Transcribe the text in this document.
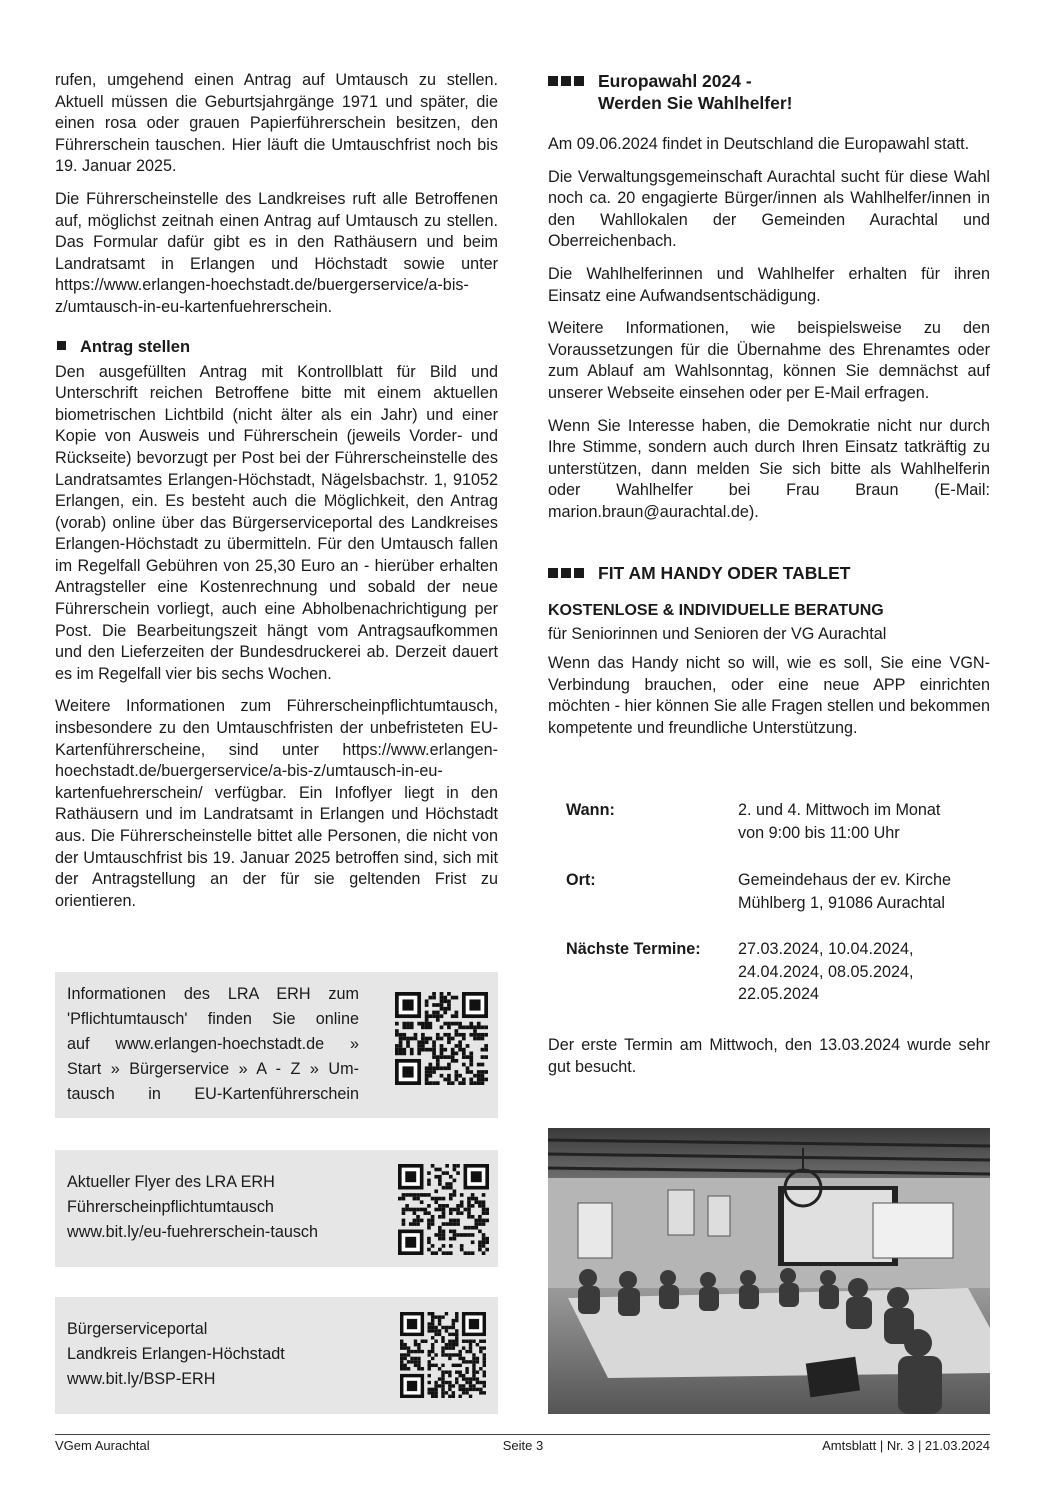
rufen, umgehend einen Antrag auf Umtausch zu stellen. Aktuell müssen die Geburtsjahrgänge 1971 und später, die einen rosa oder grauen Papierführerschein besitzen, den Führerschein tauschen. Hier läuft die Umtauschfrist noch bis 19. Januar 2025.

Die Führerscheinstelle des Landkreises ruft alle Betroffenen auf, möglichst zeitnah einen Antrag auf Umtausch zu stellen. Das Formular dafür gibt es in den Rathäusern und beim Landratsamt in Erlangen und Höchstadt sowie unter https://www.erlangen-hoechstadt.de/buergerservice/a-bis-z/umtausch-in-eu-kartenfuehrerschein.

Antrag stellen

Den ausgefüllten Antrag mit Kontrollblatt für Bild und Unterschrift reichen Betroffene bitte mit einem aktuellen biometrischen Lichtbild (nicht älter als ein Jahr) und einer Kopie von Ausweis und Führerschein (jeweils Vorder- und Rückseite) bevorzugt per Post bei der Führerscheinstelle des Landratsamtes Erlangen-Höchstadt, Nägelsbachstr. 1, 91052 Erlangen, ein. Es besteht auch die Möglichkeit, den Antrag (vorab) online über das Bürgerserviceportal des Landkreises Erlangen-Höchstadt zu übermitteln. Für den Umtausch fallen im Regelfall Gebühren von 25,30 Euro an - hierüber erhalten Antragsteller eine Kostenrechnung und sobald der neue Führerschein vorliegt, auch eine Abholbenachrichtigung per Post. Die Bearbeitungszeit hängt vom Antragsaufkommen und den Lieferzeiten der Bundesdruckerei ab. Derzeit dauert es im Regelfall vier bis sechs Wochen.

Weitere Informationen zum Führerscheinpflichtumtausch, insbesondere zu den Umtauschfristen der unbefristeten EU-Kartenführerscheine, sind unter https://www.erlangen-hoechstadt.de/buergerservice/a-bis-z/umtausch-in-eu-kartenfuehrerschein/ verfügbar. Ein Infoflyer liegt in den Rathäusern und im Landratsamt in Erlangen und Höchstadt aus. Die Führerscheinstelle bittet alle Personen, die nicht von der Umtauschfrist bis 19. Januar 2025 betroffen sind, sich mit der Antragstellung an der für sie geltenden Frist zu orientieren.

Informationen des LRA ERH zum
'Pflichtumtausch' finden Sie online
auf www.erlangen-hoechstadt.de »
Start » Bürgerservice » A - Z » Um-
tausch in EU-Kartenführerschein
Aktueller Flyer des LRA ERH
Führerscheinpflichtumtausch
www.bit.ly/eu-fuehrerschein-tausch
Bürgerserviceportal
Landkreis Erlangen-Höchstadt
www.bit.ly/BSP-ERH
Europawahl 2024 -
Werden Sie Wahlhelfer!

Am 09.06.2024 findet in Deutschland die Europawahl statt.

Die Verwaltungsgemeinschaft Aurachtal sucht für diese Wahl noch ca. 20 engagierte Bürger/innen als Wahlhelfer/innen in den Wahllokalen der Gemeinden Aurachtal und Oberreichenbach.

Die Wahlhelferinnen und Wahlhelfer erhalten für ihren Einsatz eine Aufwandsentschädigung.

Weitere Informationen, wie beispielsweise zu den Voraussetzungen für die Übernahme des Ehrenamtes oder zum Ablauf am Wahlsonntag, können Sie demnächst auf unserer Webseite einsehen oder per E-Mail erfragen.

Wenn Sie Interesse haben, die Demokratie nicht nur durch Ihre Stimme, sondern auch durch Ihren Einsatz tatkräftig zu unterstützen, dann melden Sie sich bitte als Wahlhelferin oder Wahlhelfer bei Frau Braun (E-Mail: marion.braun@aurachtal.de).

FIT AM HANDY ODER TABLET
KOSTENLOSE & INDIVIDUELLE BERATUNG

für Seniorinnen und Senioren der VG Aurachtal

Wenn das Handy nicht so will, wie es soll, Sie eine VGN-Verbindung brauchen, oder eine neue APP einrichten möchten - hier können Sie alle Fragen stellen und bekommen kompetente und freundliche Unterstützung.

Wann:	2. und 4. Mittwoch im Monat
von 9:00 bis 11:00 Uhr
Ort:	Gemeindehaus der ev. Kirche
Mühlberg 1, 91086 Aurachtal
Nächste Termine: 27.03.2024, 10.04.2024,
24.04.2024, 08.05.2024,
22.05.2024

Der erste Termin am Mittwoch, den 13.03.2024 wurde sehr gut besucht.

VGem Aurachtal	Seite 3	Amtsblatt | Nr. 3 | 21.03.2024
